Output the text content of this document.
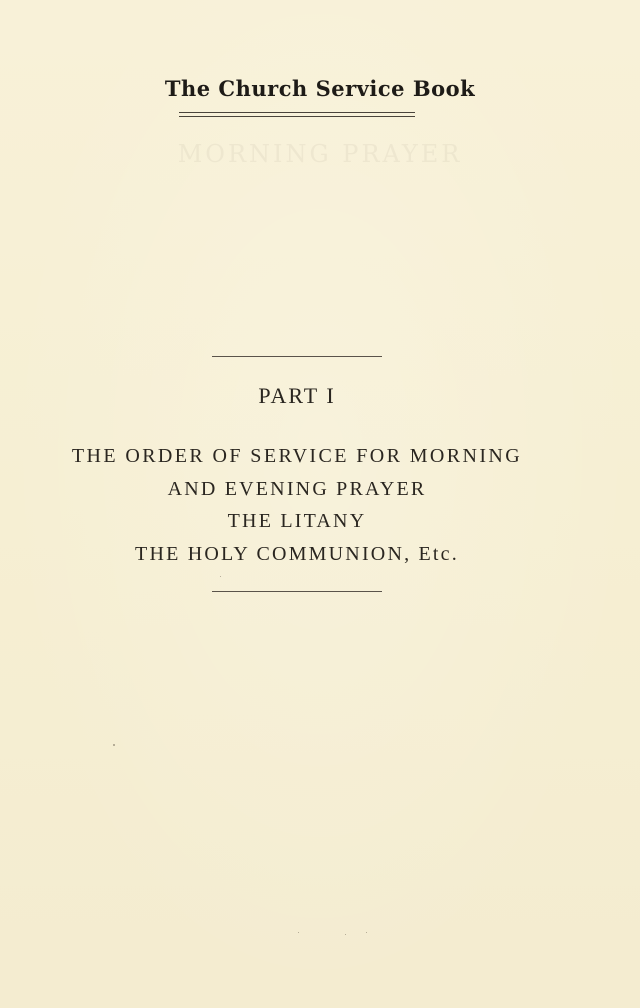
The Church Service Book
MORNING PRAYER
PART I
THE ORDER OF SERVICE FOR MORNING
AND EVENING PRAYER
THE LITANY
THE HOLY COMMUNION, Etc.
